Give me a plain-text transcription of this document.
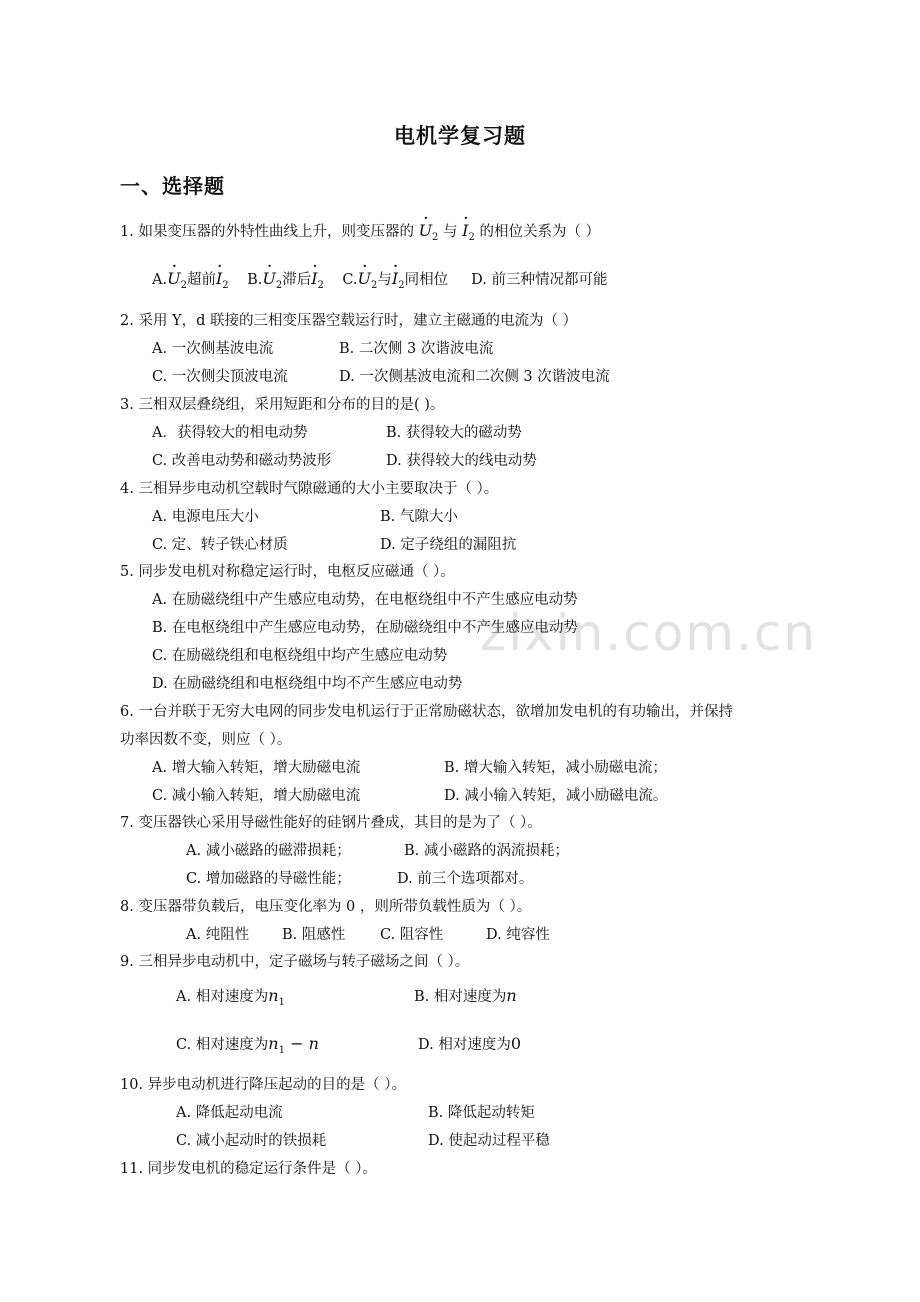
zixin.com.cn
电机学复习题
一、选择题
1. 如果变压器的外特性曲线上升，则变压器的 · $U_2$ 与 · $I_2$ 的相位关系为（ ）
$A.\cdot U_2$超前· $I_2$ $B.\cdot U_2$滞后· $I_2$ $C.\cdot U_2$与· $I_2$同相位 D. 前三种情况都可能
2. 采用 Y，d 联接的三相变压器空载运行时，建立主磁通的电流为（ ）
A. 一次侧基波电流	B. 二次侧 3 次谐波电流
C. 一次侧尖顶波电流	D. 一次侧基波电流和二次侧 3 次谐波电流
3. 三相双层叠绕组，采用短距和分布的目的是( )。
A．获得较大的相电动势	B. 获得较大的磁动势
C. 改善电动势和磁动势波形	D. 获得较大的线电动势
4. 三相异步电动机空载时气隙磁通的大小主要取决于（ ）。
A. 电源电压大小	B. 气隙大小
C. 定、转子铁心材质	D. 定子绕组的漏阻抗
5. 同步发电机对称稳定运行时，电枢反应磁通（ ）。
A. 在励磁绕组中产生感应电动势，在电枢绕组中不产生感应电动势
B. 在电枢绕组中产生感应电动势，在励磁绕组中不产生感应电动势
C. 在励磁绕组和电枢绕组中均产生感应电动势
D. 在励磁绕组和电枢绕组中均不产生感应电动势
6. 一台并联于无穷大电网的同步发电机运行于正常励磁状态，欲增加发电机的有功输出，并保持
功率因数不变，则应（ ）。
A. 增大输入转矩，增大励磁电流	B. 增大输入转矩，减小励磁电流；
C. 减小输入转矩，增大励磁电流	D. 减小输入转矩，减小励磁电流。
7. 变压器铁心采用导磁性能好的硅钢片叠成，其目的是为了（ ）。
A. 减小磁路的磁滞损耗；	B. 减小磁路的涡流损耗；
C. 增加磁路的导磁性能；	D. 前三个选项都对。
8. 变压器带负载后，电压变化率为 0 ，则所带负载性质为（ ）。
A. 纯阻性 B. 阻感性 C. 阻容性	D. 纯容性
9. 三相异步电动机中，定子磁场与转子磁场之间（ ）。
A. 相对速度为$n_1$	B. 相对速度为n
C. 相对速度为$n_1 - n$	D. 相对速度为0
10. 异步电动机进行降压起动的目的是（ ）。
A. 降低起动电流	B. 降低起动转矩
C. 减小起动时的铁损耗	D. 使起动过程平稳
11. 同步发电机的稳定运行条件是（ ）。
